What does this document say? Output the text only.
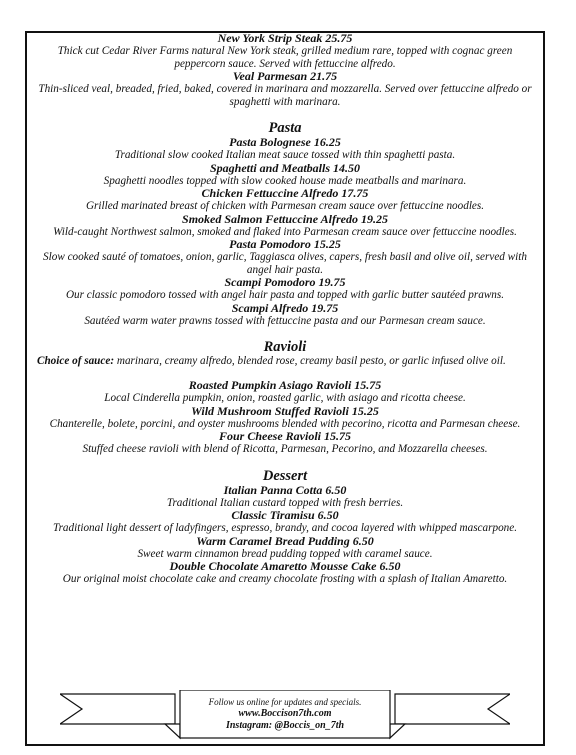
New York Strip Steak 25.75

Thick cut Cedar River Farms natural New York steak, grilled medium rare, topped with cognac green peppercorn sauce. Served with fettuccine alfredo.

Veal Parmesan 21.75

Thin-sliced veal, breaded, fried, baked, covered in marinara and mozzarella. Served over fettuccine alfredo or spaghetti with marinara.

Pasta

Pasta Bolognese 16.25

Traditional slow cooked Italian meat sauce tossed with thin spaghetti pasta.

Spaghetti and Meatballs 14.50

Spaghetti noodles topped with slow cooked house made meatballs and marinara.

Chicken Fettuccine Alfredo 17.75

Grilled marinated breast of chicken with Parmesan cream sauce over fettuccine noodles.

Smoked Salmon Fettuccine Alfredo 19.25

Wild-caught Northwest salmon, smoked and flaked into Parmesan cream sauce over fettuccine noodles.

Pasta Pomodoro 15.25

Slow cooked sauté of tomatoes, onion, garlic, Taggiasca olives, capers, fresh basil and olive oil, served with angel hair pasta.

Scampi Pomodoro 19.75

Our classic pomodoro tossed with angel hair pasta and topped with garlic butter sautéed prawns.

Scampi Alfredo 19.75

Sautéed warm water prawns tossed with fettuccine pasta and our Parmesan cream sauce.

Ravioli

Choice of sauce: marinara, creamy alfredo, blended rose, creamy basil pesto, or garlic infused olive oil.

Roasted Pumpkin Asiago Ravioli 15.75

Local Cinderella pumpkin, onion, roasted garlic, with asiago and ricotta cheese.

Wild Mushroom Stuffed Ravioli 15.25

Chanterelle, bolete, porcini, and oyster mushrooms blended with pecorino, ricotta and Parmesan cheese.

Four Cheese Ravioli 15.75

Stuffed cheese ravioli with blend of Ricotta, Parmesan, Pecorino, and Mozzarella cheeses.

Dessert

Italian Panna Cotta 6.50

Traditional Italian custard topped with fresh berries.

Classic Tiramisu 6.50

Traditional light dessert of ladyfingers, espresso, brandy, and cocoa layered with whipped mascarpone.

Warm Caramel Bread Pudding 6.50

Sweet warm cinnamon bread pudding topped with caramel sauce.

Double Chocolate Amaretto Mousse Cake 6.50

Our original moist chocolate cake and creamy chocolate frosting with a splash of Italian Amaretto.

Follow us online for updates and specials.
www.Boccison7th.com
Instagram: @Boccis_on_7th
